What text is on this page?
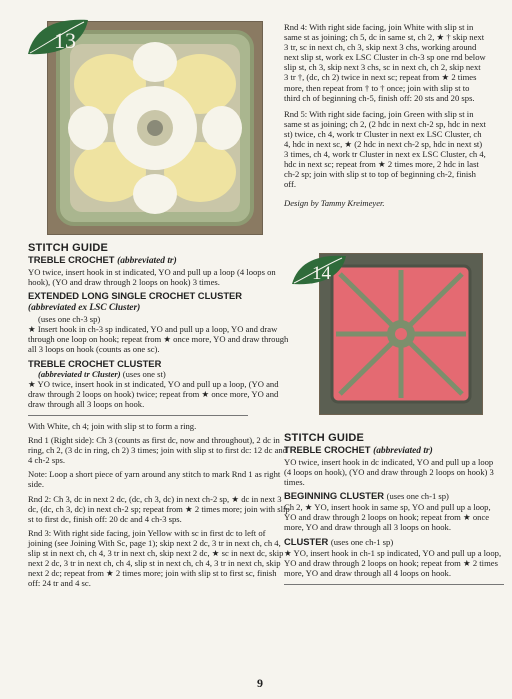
13

Rnd 4: With right side facing, join White with slip st in same st as joining; ch 5, dc in same st, ch 2, ★ † skip next 3 tr, sc in next ch, ch 3, skip next 3 chs, working around next slip st, work ex LSC Cluster in ch-3 sp one rnd below slip st, ch 3, skip next 3 chs, sc in next ch, ch 2, skip next 3 tr †, (dc, ch 2) twice in next sc; repeat from ★ 2 times more, then repeat from † to † once; join with slip st to third ch of beginning ch-5, finish off: 20 sts and 20 sps.

Rnd 5: With right side facing, join Green with slip st in same st as joining; ch 2, (2 hdc in next ch-2 sp, hdc in next st) twice, ch 4, work tr Cluster in next ex LSC Cluster, ch 4, hdc in next sc, ★ (2 hdc in next ch-2 sp, hdc in next st) 3 times, ch 4, work tr Cluster in next ex LSC Cluster, ch 4, hdc in next sc; repeat from ★ 2 times more, 2 hdc in last ch-2 sp; join with slip st to top of beginning ch-2, finish off.

Design by Tammy Kreimeyer.

14
STITCH GUIDE
TREBLE CROCHET (abbreviated tr)

YO twice, insert hook in st indicated, YO and pull up a loop (4 loops on hook), (YO and draw through 2 loops on hook) 3 times.

EXTENDED LONG SINGLE CROCHET CLUSTER (abbreviated ex LSC Cluster)

(uses one ch-3 sp)

★ Insert hook in ch-3 sp indicated, YO and pull up a loop, YO and draw through one loop on hook; repeat from ★ once more, YO and draw through all 3 loops on hook (counts as one sc).

TREBLE CROCHET CLUSTER

(abbreviated tr Cluster) (uses one st)

★ YO twice, insert hook in st indicated, YO and pull up a loop, (YO and draw through 2 loops on hook) twice; repeat from ★ once more, YO and draw through all 3 loops on hook.

With White, ch 4; join with slip st to form a ring.

Rnd 1 (Right side): Ch 3 (counts as first dc, now and throughout), 2 dc in ring, ch 2, (3 dc in ring, ch 2) 3 times; join with slip st to first dc: 12 dc and 4 ch-2 sps.

Note: Loop a short piece of yarn around any stitch to mark Rnd 1 as right side.

Rnd 2: Ch 3, dc in next 2 dc, (dc, ch 3, dc) in next ch-2 sp, ★ dc in next 3 dc, (dc, ch 3, dc) in next ch-2 sp; repeat from ★ 2 times more; join with slip st to first dc, finish off: 20 dc and 4 ch-3 sps.

Rnd 3: With right side facing, join Yellow with sc in first dc to left of joining (see Joining With Sc, page 1); skip next 2 dc, 3 tr in next ch, ch 4, slip st in next ch, ch 4, 3 tr in next ch, skip next 2 dc, ★ sc in next dc, skip next 2 dc, 3 tr in next ch, ch 4, slip st in next ch, ch 4, 3 tr in next ch, skip next 2 dc; repeat from ★ 2 times more; join with slip st to first sc, finish off: 24 tr and 4 sc.

STITCH GUIDE
TREBLE CROCHET (abbreviated tr)

YO twice, insert hook in dc indicated, YO and pull up a loop (4 loops on hook), (YO and draw through 2 loops on hook) 3 times.

BEGINNING CLUSTER (uses one ch-1 sp)

Ch 2, ★ YO, insert hook in same sp, YO and pull up a loop, YO and draw through 2 loops on hook; repeat from ★ once more, YO and draw through all 3 loops on hook.

CLUSTER (uses one ch-1 sp)

★ YO, insert hook in ch-1 sp indicated, YO and pull up a loop, YO and draw through 2 loops on hook; repeat from ★ 2 times more, YO and draw through all 4 loops on hook.

9
